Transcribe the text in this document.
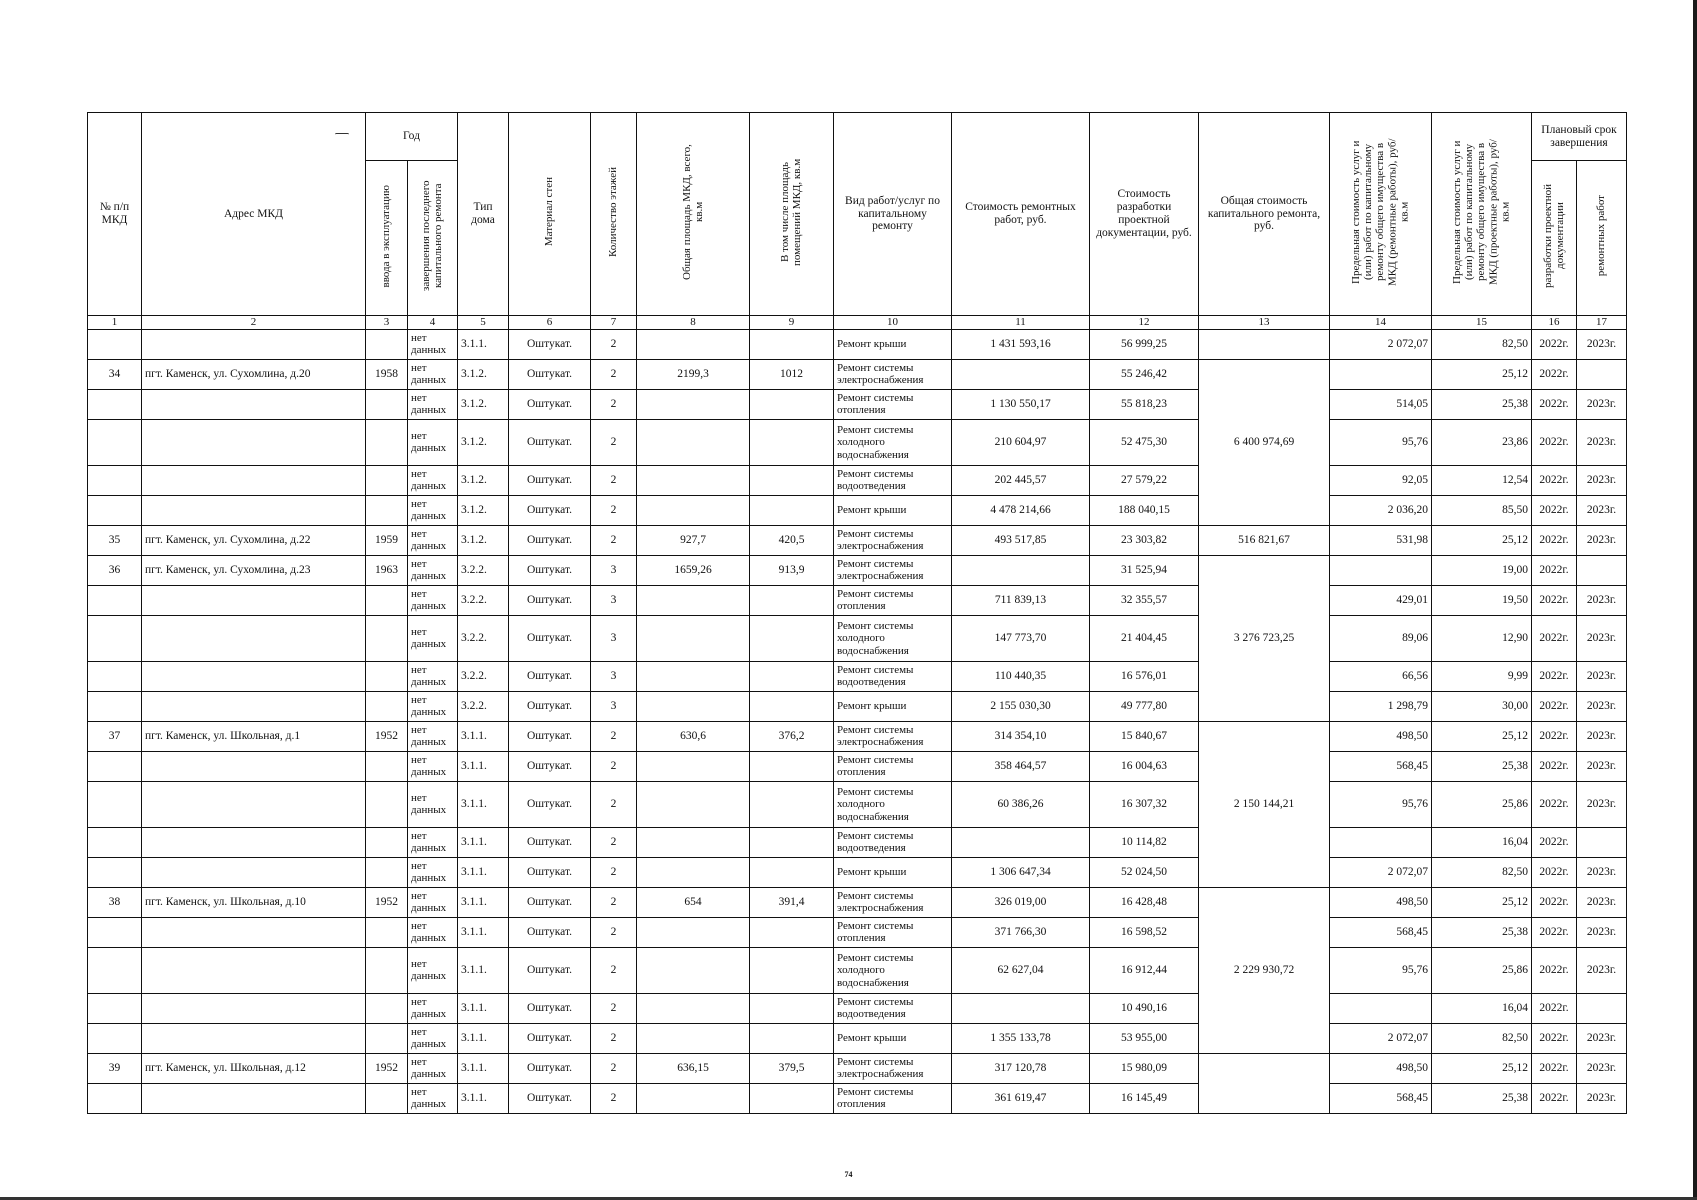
№ п/п МКД	Адрес МКД	Год		Тип дома	Материал стен	Количество этажей	Общая площадь МКД, всего, кв.м	В том числе площадь помещений МКД, кв.м	Вид работ/услуг по капитальному ремонту	Стоимость ремонтных работ, руб.	Стоимость разработки проектной документации, руб.	Общая стоимость капитального ремонта, руб.	Предельная стоимость услуг и (или) работ по капитальному ремонту общего имущества в МКД (ремонтные работы), руб/кв.м	Предельная стоимость услуг и (или) работ по капитальному ремонту общего имущества в МКД (проектные работы), руб/кв.м	Плановый срок завершения	
		ввода в эксплуатацию	завершения последнего капитального ремонта												разработки проектной документации	ремонтных работ
1	2	3	4	5	6	7	8	9	10	11	12	13	14	15	16	17
			нет данных	3.1.1.	Оштукат.	2			Ремонт крыши	1 431 593,16	56 999,25		2 072,07	82,50	2022г.	2023г.
34	пгт. Каменск, ул. Сухомлина, д.20	1958	нет данных	3.1.2.	Оштукат.	2	2199,3	1012	Ремонт системы электроснабжения		55 246,42	6 400 974,69		25,12	2022г.	
			нет данных	3.1.2.	Оштукат.	2			Ремонт системы отопления	1 130 550,17	55 818,23		514,05	25,38	2022г.	2023г.
			нет данных	3.1.2.	Оштукат.	2			Ремонт системы холодного водоснабжения	210 604,97	52 475,30		95,76	23,86	2022г.	2023г.
			нет данных	3.1.2.	Оштукат.	2			Ремонт системы водоотведения	202 445,57	27 579,22		92,05	12,54	2022г.	2023г.
			нет данных	3.1.2.	Оштукат.	2			Ремонт крыши	4 478 214,66	188 040,15		2 036,20	85,50	2022г.	2023г.
35	пгт. Каменск, ул. Сухомлина, д.22	1959	нет данных	3.1.2.	Оштукат.	2	927,7	420,5	Ремонт системы электроснабжения	493 517,85	23 303,82	516 821,67	531,98	25,12	2022г.	2023г.
36	пгт. Каменск, ул. Сухомлина, д.23	1963	нет данных	3.2.2.	Оштукат.	3	1659,26	913,9	Ремонт системы электроснабжения		31 525,94	3 276 723,25		19,00	2022г.	
			нет данных	3.2.2.	Оштукат.	3			Ремонт системы отопления	711 839,13	32 355,57		429,01	19,50	2022г.	2023г.
			нет данных	3.2.2.	Оштукат.	3			Ремонт системы холодного водоснабжения	147 773,70	21 404,45		89,06	12,90	2022г.	2023г.
			нет данных	3.2.2.	Оштукат.	3			Ремонт системы водоотведения	110 440,35	16 576,01		66,56	9,99	2022г.	2023г.
			нет данных	3.2.2.	Оштукат.	3			Ремонт крыши	2 155 030,30	49 777,80		1 298,79	30,00	2022г.	2023г.
37	пгт. Каменск, ул. Школьная, д.1	1952	нет данных	3.1.1.	Оштукат.	2	630,6	376,2	Ремонт системы электроснабжения	314 354,10	15 840,67	2 150 144,21	498,50	25,12	2022г.	2023г.
			нет данных	3.1.1.	Оштукат.	2			Ремонт системы отопления	358 464,57	16 004,63		568,45	25,38	2022г.	2023г.
			нет данных	3.1.1.	Оштукат.	2			Ремонт системы холодного водоснабжения	60 386,26	16 307,32		95,76	25,86	2022г.	2023г.
			нет данных	3.1.1.	Оштукат.	2			Ремонт системы водоотведения		10 114,82			16,04	2022г.	
			нет данных	3.1.1.	Оштукат.	2			Ремонт крыши	1 306 647,34	52 024,50		2 072,07	82,50	2022г.	2023г.
38	пгт. Каменск, ул. Школьная, д.10	1952	нет данных	3.1.1.	Оштукат.	2	654	391,4	Ремонт системы электроснабжения	326 019,00	16 428,48	2 229 930,72	498,50	25,12	2022г.	2023г.
			нет данных	3.1.1.	Оштукат.	2			Ремонт системы отопления	371 766,30	16 598,52		568,45	25,38	2022г.	2023г.
			нет данных	3.1.1.	Оштукат.	2			Ремонт системы холодного водоснабжения	62 627,04	16 912,44		95,76	25,86	2022г.	2023г.
			нет данных	3.1.1.	Оштукат.	2			Ремонт системы водоотведения		10 490,16			16,04	2022г.	
			нет данных	3.1.1.	Оштукат.	2			Ремонт крыши	1 355 133,78	53 955,00		2 072,07	82,50	2022г.	2023г.
39	пгт. Каменск, ул. Школьная, д.12	1952	нет данных	3.1.1.	Оштукат.	2	636,15	379,5	Ремонт системы электроснабжения	317 120,78	15 980,09		498,50	25,12	2022г.	2023г.
			нет данных	3.1.1.	Оштукат.	2			Ремонт системы отопления	361 619,47	16 145,49		568,45	25,38	2022г.	2023г.
74
